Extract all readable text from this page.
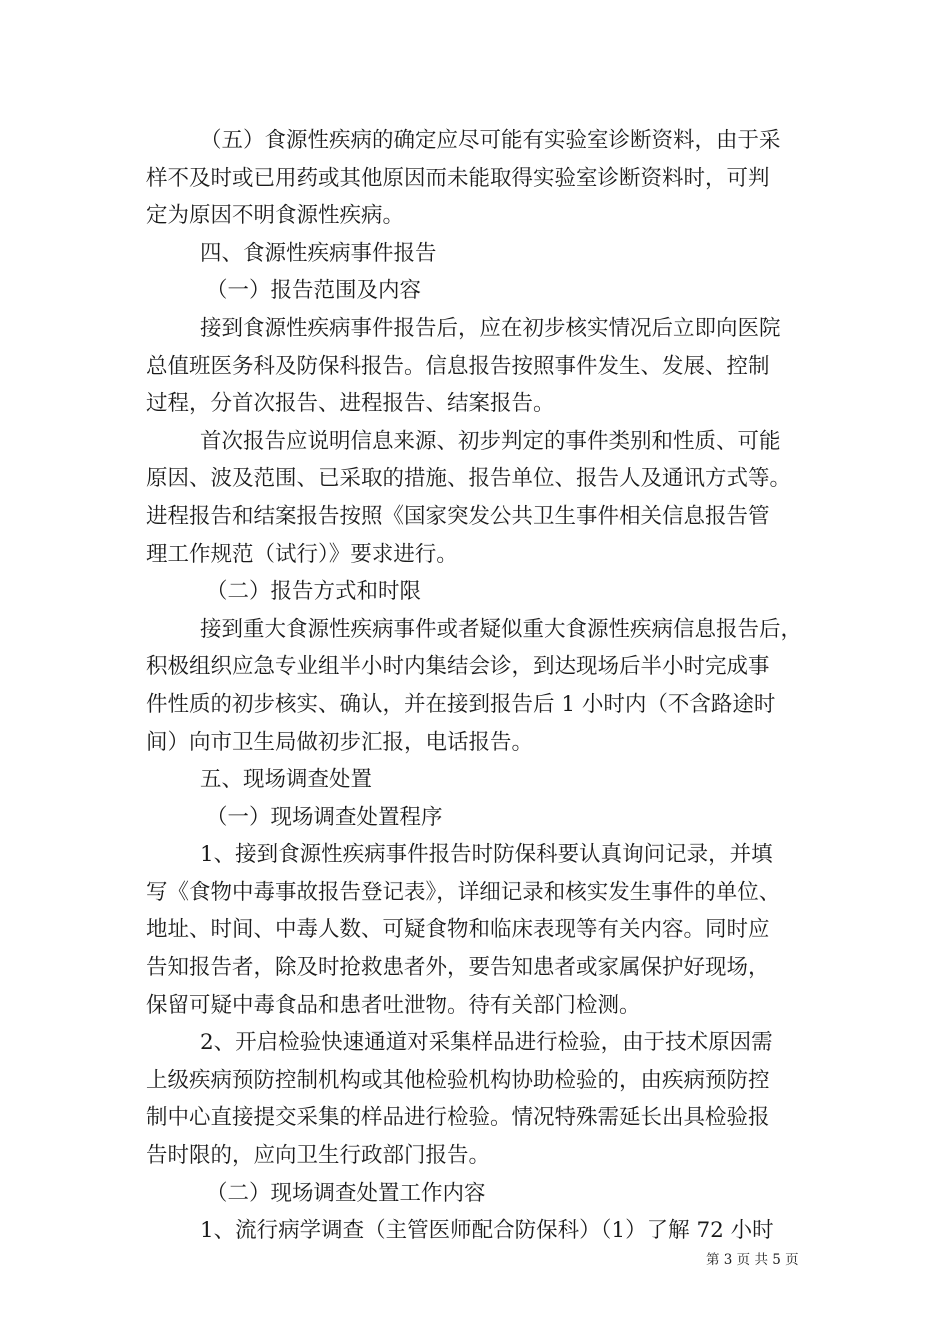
（五）食源性疾病的确定应尽可能有实验室诊断资料，由于采
样不及时或已用药或其他原因而未能取得实验室诊断资料时，可判
定为原因不明食源性疾病。
四、食源性疾病事件报告
（一）报告范围及内容
接到食源性疾病事件报告后，应在初步核实情况后立即向医院
总值班医务科及防保科报告。信息报告按照事件发生、发展、控制
过程，分首次报告、进程报告、结案报告。
首次报告应说明信息来源、初步判定的事件类别和性质、可能
原因、波及范围、已采取的措施、报告单位、报告人及通讯方式等。
进程报告和结案报告按照《国家突发公共卫生事件相关信息报告管
理工作规范（试行）》要求进行。
（二）报告方式和时限
接到重大食源性疾病事件或者疑似重大食源性疾病信息报告后，
积极组织应急专业组半小时内集结会诊，到达现场后半小时完成事
件性质的初步核实、确认，并在接到报告后 1 小时内（不含路途时
间）向市卫生局做初步汇报，电话报告。
五、现场调查处置
（一）现场调查处置程序
1、接到食源性疾病事件报告时防保科要认真询问记录，并填
写《食物中毒事故报告登记表》，详细记录和核实发生事件的单位、
地址、时间、中毒人数、可疑食物和临床表现等有关内容。同时应
告知报告者，除及时抢救患者外，要告知患者或家属保护好现场，
保留可疑中毒食品和患者吐泄物。待有关部门检测。
2、开启检验快速通道对采集样品进行检验，由于技术原因需
上级疾病预防控制机构或其他检验机构协助检验的，由疾病预防控
制中心直接提交采集的样品进行检验。情况特殊需延长出具检验报
告时限的，应向卫生行政部门报告。
（二）现场调查处置工作内容
1、流行病学调查（主管医师配合防保科）（1）了解 72 小时
第 3 页 共 5 页
